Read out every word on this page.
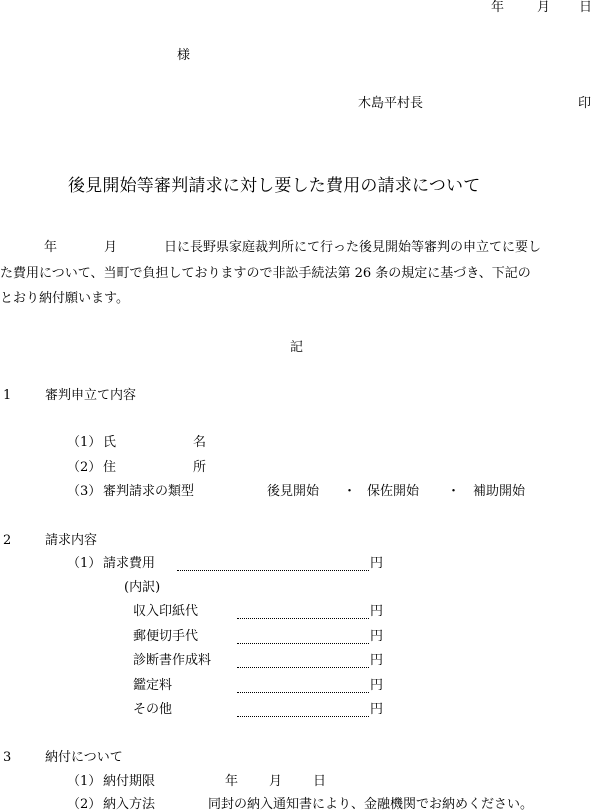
年	月 日
様
木島平村長	印
後見開始等審判請求に対し要した費用の請求について
年	月	日に長野県家庭裁判所にて行った後見開始等審判の申立てに要し
た費用について、当町で負担しておりますので非訟手続法第 26 条の規定に基づき、下記の
とおり納付願います。
記
1	審判申立て内容
（1） 氏	名
（2） 住	所
（3） 審判請求の類型	後見開始 ・ 保佐開始 ・ 補助開始
2	請求内容
（1） 請求費用	円
(内訳)
収入印紙代	円
郵便切手代	円
診断書作成料	円
鑑定料	円
その他	円
3	納付について
（1） 納付期限	年 月 日
（2） 納入方法	同封の納入通知書により、金融機関でお納めください。
